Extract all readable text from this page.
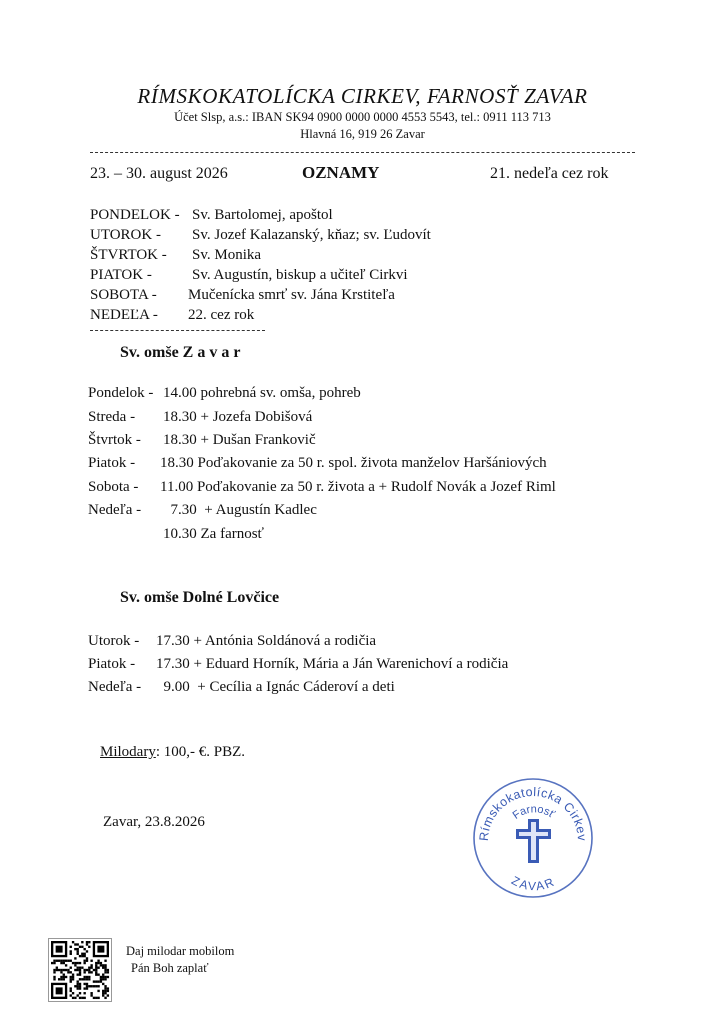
RÍMSKOKATOLÍCKA CIRKEV, FARNOSŤ ZAVAR
Účet Slsp, a.s.: IBAN SK94 0900 0000 0000 4553 5543, tel.: 0911 113 713
Hlavná 16, 919 26 Zavar
23. – 30. august 2026	OZNAMY	21. nedeľa cez rok
PONDELOK - Sv. Bartolomej, apoštol
UTOROK - Sv. Jozef Kalazanský, kňaz; sv. Ľudovít
ŠTVRTOK - Sv. Monika
PIATOK -	Sv. Augustín, biskup a učiteľ Cirkvi
SOBOTA - Mučenícka smrť sv. Jána Krstiteľa
NEDEĽA - 22. cez rok
Sv. omše Z a v a r
Pondelok - 14.00 pohrebná sv. omša, pohreb
Streda - 18.30 + Jozefa Dobišová
Štvrtok - 18.30 + Dušan Frankovič
Piatok - 18.30 Poďakovanie za 50 r. spol. života manželov Haršániových
Sobota - 11.00 Poďakovanie za 50 r. života a + Rudolf Novák a Jozef Riml
Nedeľa - 7.30  + Augustín Kadlec
10.30 Za farnosť
Sv. omše Dolné Lovčice
Utorok - 17.30 + Antónia Soldánová a rodičia
Piatok - 17.30 + Eduard Horník, Mária a Ján Warenichoví a rodičia
Nedeľa - 9.00  + Cecília a Ignác Cáderoví a deti
Milodary: 100,- €. PBZ.
Zavar, 23.8.2026
Rímskokatolícka Cirkev
Farnosť
ZAVAR
Daj milodar mobilom
Pán Boh zaplať
